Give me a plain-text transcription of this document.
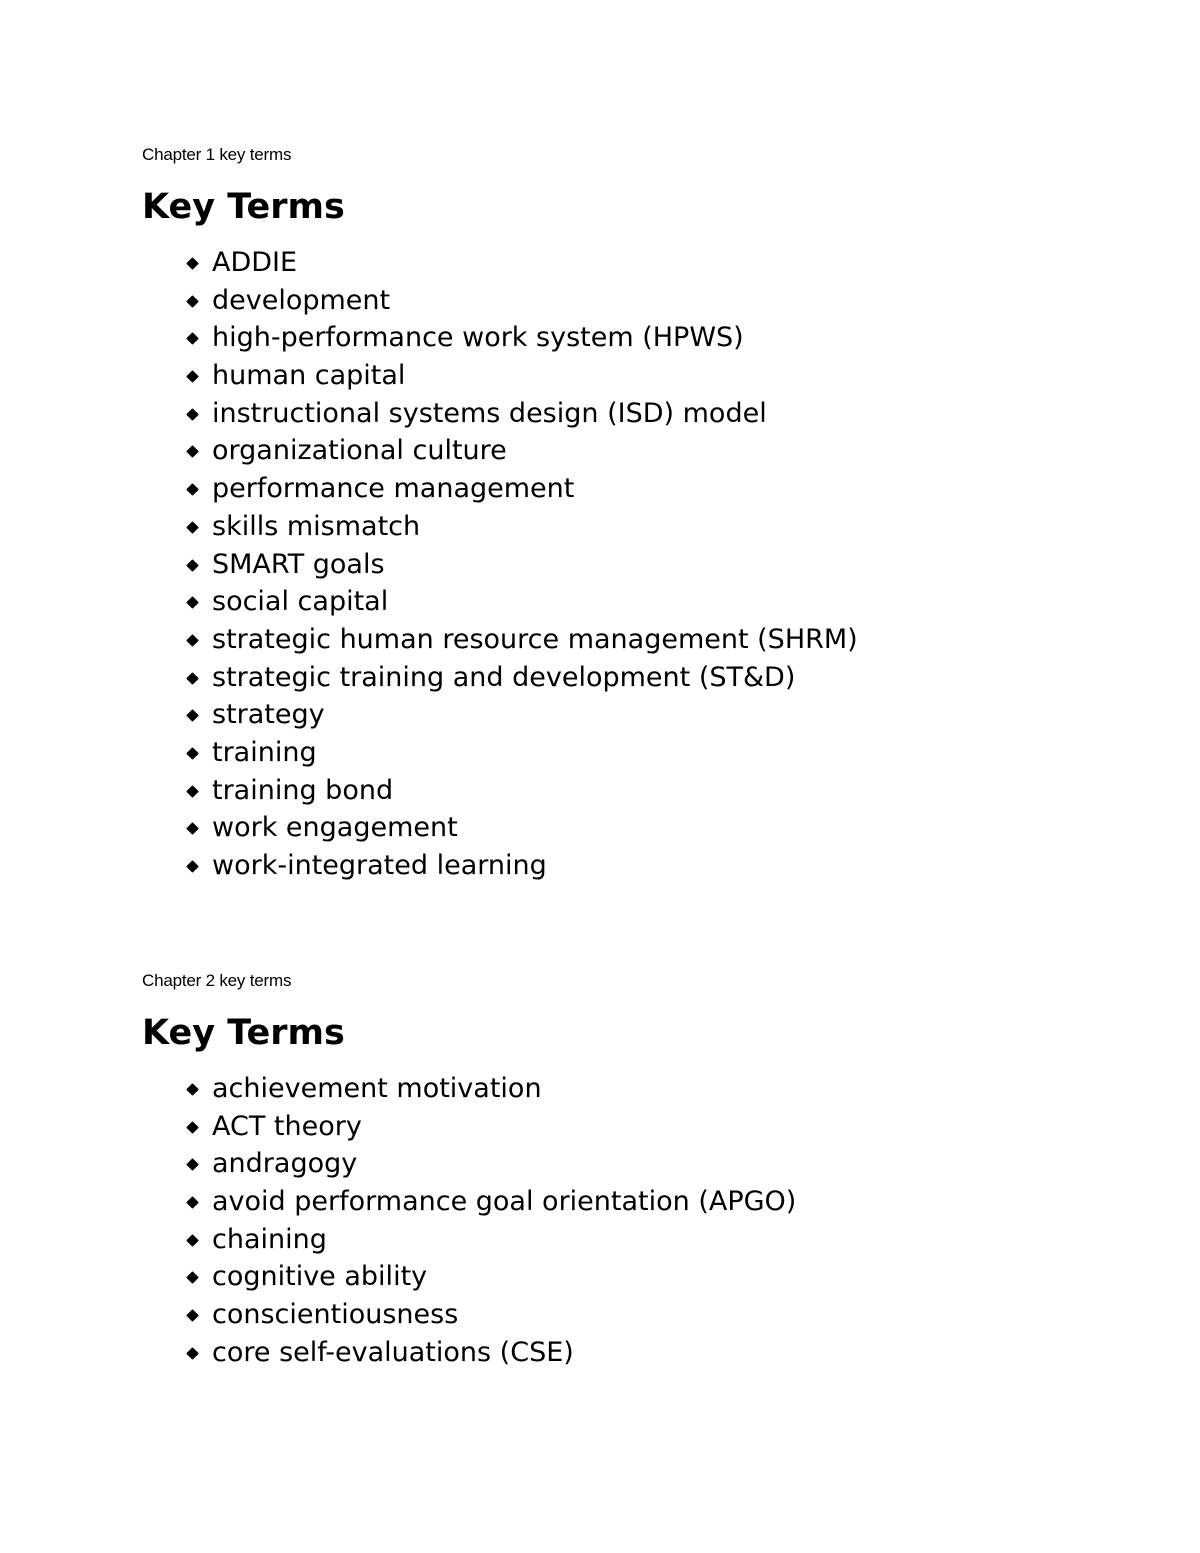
Chapter 1 key terms
Key Terms
ADDIE
development
high-performance work system (HPWS)
human capital
instructional systems design (ISD) model
organizational culture
performance management
skills mismatch
SMART goals
social capital
strategic human resource management (SHRM)
strategic training and development (ST&D)
strategy
training
training bond
work engagement
work-integrated learning
Chapter 2 key terms
Key Terms
achievement motivation
ACT theory
andragogy
avoid performance goal orientation (APGO)
chaining
cognitive ability
conscientiousness
core self-evaluations (CSE)
